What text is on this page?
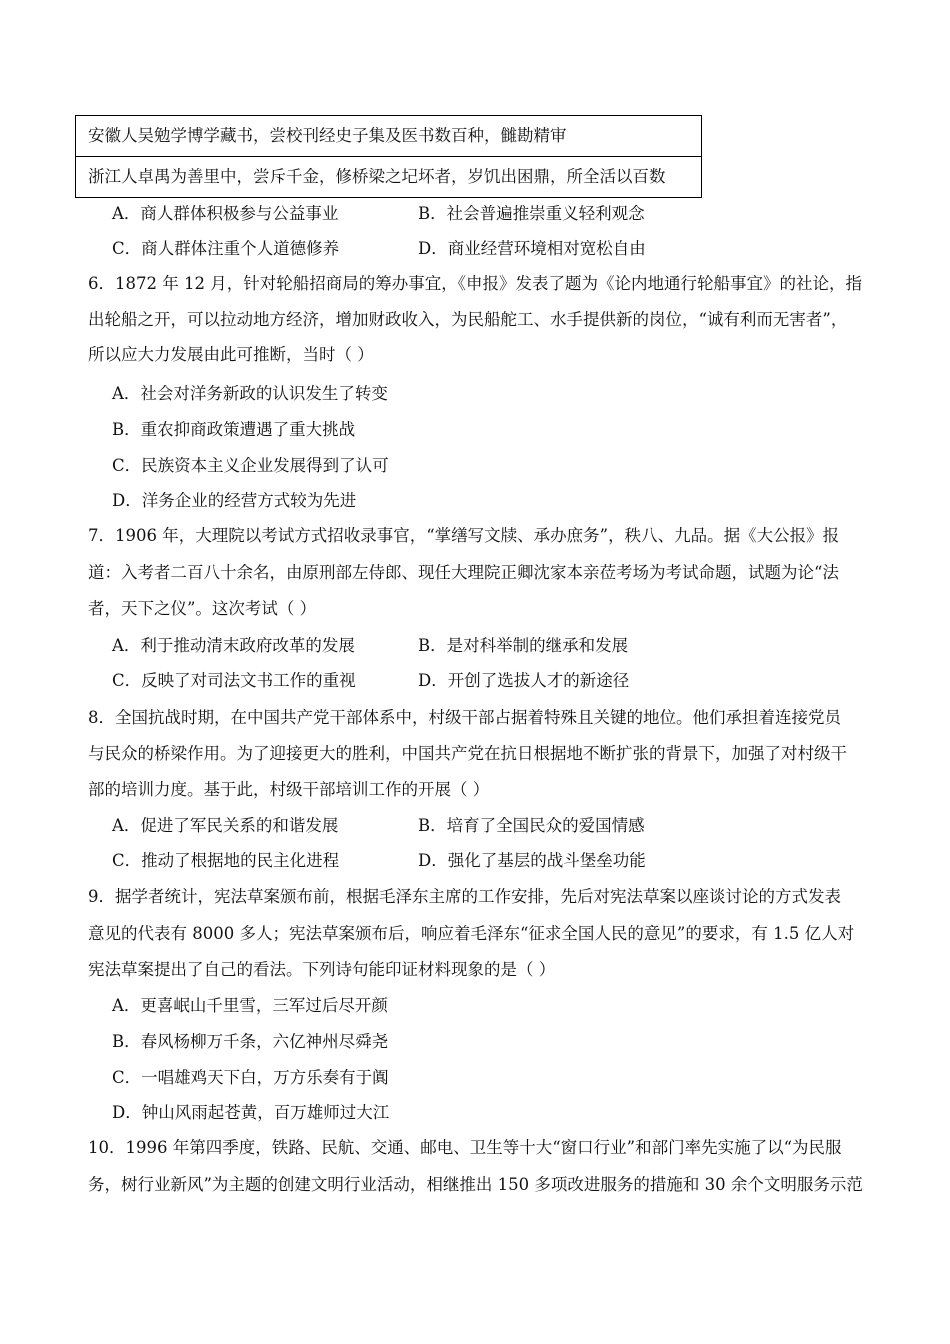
安徽人吴勉学博学藏书，尝校刊经史子集及医书数百种，雠勘精审
浙江人卓禺为善里中，尝斥千金，修桥梁之圮坏者，岁饥出困鼎，所全活以百数
A．商人群体积极参与公益事业	B．社会普遍推崇重义轻利观念
C．商人群体注重个人道德修养	D．商业经营环境相对宽松自由
6．1872 年 12 月，针对轮船招商局的筹办事宜，《申报》发表了题为《论内地通行轮船事宜》的社论，指
出轮船之开，可以拉动地方经济，增加财政收入，为民船舵工、水手提供新的岗位，“诚有利而无害者”，
所以应大力发展由此可推断，当时（ ）
A．社会对洋务新政的认识发生了转变
B．重农抑商政策遭遇了重大挑战
C．民族资本主义企业发展得到了认可
D．洋务企业的经营方式较为先进
7．1906 年，大理院以考试方式招收录事官，“掌缮写文牍、承办庶务”，秩八、九品。据《大公报》报
道：入考者二百八十余名，由原刑部左侍郎、现任大理院正卿沈家本亲莅考场为考试命题，试题为论“法
者，天下之仪”。这次考试（ ）
A．利于推动清末政府改革的发展	B．是对科举制的继承和发展
C．反映了对司法文书工作的重视	D．开创了选拔人才的新途径
8．全国抗战时期，在中国共产党干部体系中，村级干部占据着特殊且关键的地位。他们承担着连接党员
与民众的桥梁作用。为了迎接更大的胜利，中国共产党在抗日根据地不断扩张的背景下，加强了对村级干
部的培训力度。基于此，村级干部培训工作的开展（ ）
A．促进了军民关系的和谐发展	B．培育了全国民众的爱国情感
C．推动了根据地的民主化进程	D．强化了基层的战斗堡垒功能
9．据学者统计，宪法草案颁布前，根据毛泽东主席的工作安排，先后对宪法草案以座谈讨论的方式发表
意见的代表有 8000 多人；宪法草案颁布后，响应着毛泽东“征求全国人民的意见”的要求，有 1.5 亿人对
宪法草案提出了自己的看法。下列诗句能印证材料现象的是（ ）
A．更喜岷山千里雪，三军过后尽开颜
B．春风杨柳万千条，六亿神州尽舜尧
C．一唱雄鸡天下白，万方乐奏有于阗
D．钟山风雨起苍黄，百万雄师过大江
10．1996 年第四季度，铁路、民航、交通、邮电、卫生等十大“窗口行业”和部门率先实施了以“为民服
务，树行业新风”为主题的创建文明行业活动，相继推出 150 多项改进服务的措施和 30 余个文明服务示范
